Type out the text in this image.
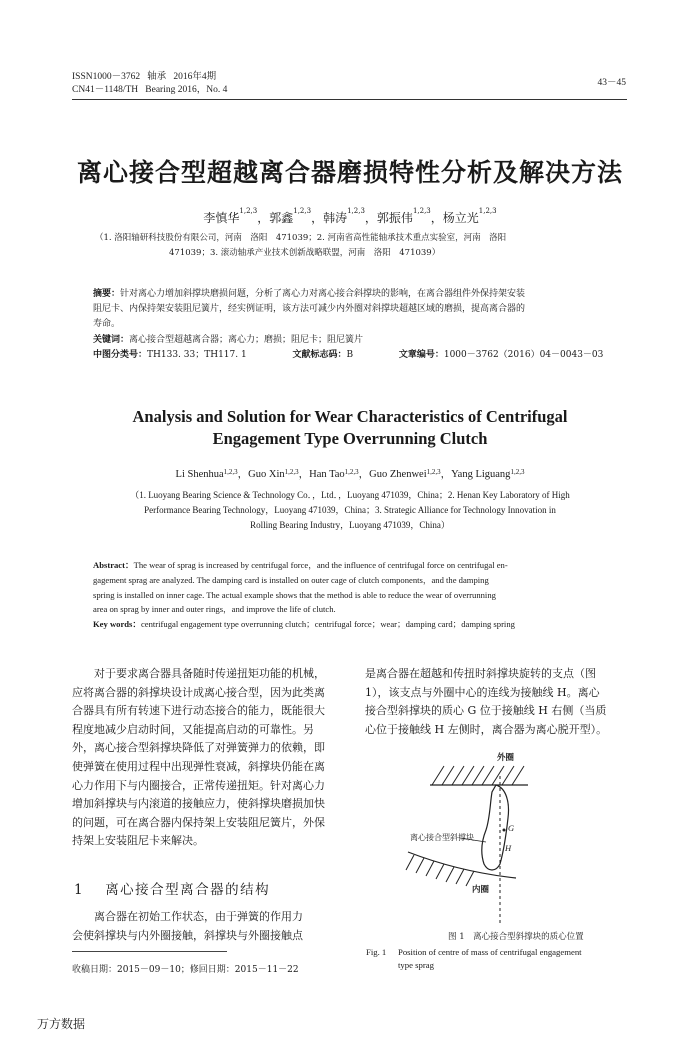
ISSN1000－3762 轴承 2016年4期
CN41－1148/TH Bearing 2016，No. 4
43－45
离心接合型超越离合器磨损特性分析及解决方法
李慎华$^{1,2,3}$，郭鑫$^{1,2,3}$，韩涛$^{1,2,3}$，郭振伟$^{1,2,3}$，杨立光$^{1,2,3}$
（1. 洛阳轴研科技股份有限公司，河南　洛阳　471039；2. 河南省高性能轴承技术重点实验室，河南　洛阳
471039；3. 滚动轴承产业技术创新战略联盟，河南　洛阳　471039）
摘要：针对离心力增加斜撑块磨损问题，分析了离心力对离心接合斜撑块的影响，在离合器组件外保持架安装
阻尼卡、内保持架安装阻尼簧片，经实例证明，该方法可减少内外圈对斜撑块超越区域的磨损，提高离合器的
寿命。
关键词：离心接合型超越离合器；离心力；磨损；阻尼卡；阻尼簧片
中图分类号：TH133. 33；TH117. 1	文献标志码：B	文章编号：1000－3762（2016）04－0043－03
Analysis and Solution for Wear Characteristics of Centrifugal
Engagement Type Overrunning Clutch
Li Shenhua$^{1,2,3}$，Guo Xin$^{1,2,3}$，Han Tao$^{1,2,3}$，Guo Zhenwei$^{1,2,3}$，Yang Liguang$^{1,2,3}$
（1. Luoyang Bearing Science & Technology Co．，Ltd．，Luoyang 471039，China；2. Henan Key Laboratory of High
Performance Bearing Technology，Luoyang 471039，China；3. Strategic Alliance for Technology Innovation in
Rolling Bearing Industry，Luoyang 471039，China）
Abstract：The wear of sprag is increased by centrifugal force，and the influence of centrifugal force on centrifugal en-
gagement sprag are analyzed. The damping card is installed on outer cage of clutch components，and the damping
spring is installed on inner cage. The actual example shows that the method is able to reduce the wear of overrunning
area on sprag by inner and outer rings，and improve the life of clutch.
Key words：centrifugal engagement type overrunning clutch；centrifugal force；wear；damping card；damping spring
对于要求离合器具备随时传递扭矩功能的机械，
应将离合器的斜撑块设计成离心接合型，因为此类离
合器具有所有转速下进行动态接合的能力，既能很大
程度地减少启动时间，又能提高启动的可靠性。另
外，离心接合型斜撑块降低了对弹簧弹力的依赖，即
使弹簧在使用过程中出现弹性衰减，斜撑块仍能在离
心力作用下与内圈接合，正常传递扭矩。针对离心力
增加斜撑块与内滚道的接触应力，使斜撑块磨损加快
的问题，可在离合器内保持架上安装阻尼簧片，外保
持架上安装阻尼卡来解决。
1 离心接合型离合器的结构
离合器在初始工作状态，由于弹簧的作用力
会使斜撑块与内外圈接触，斜撑块与外圈接触点
收稿日期：2015－09－10；修回日期：2015－11－22
是离合器在超越和传扭时斜撑块旋转的支点（图
1），该支点与外圈中心的连线为接触线 H。离心
接合型斜撑块的质心 G 位于接触线 H 右侧（当质
心位于接触线 H 左侧时，离合器为离心脱开型）。
外圈
离心接合型斜撑块
G
H
内圈
图 1　离心接合型斜撑块的质心位置
Fig. 1 Position of centre of mass of centrifugal engagement
type sprag
万方数据
